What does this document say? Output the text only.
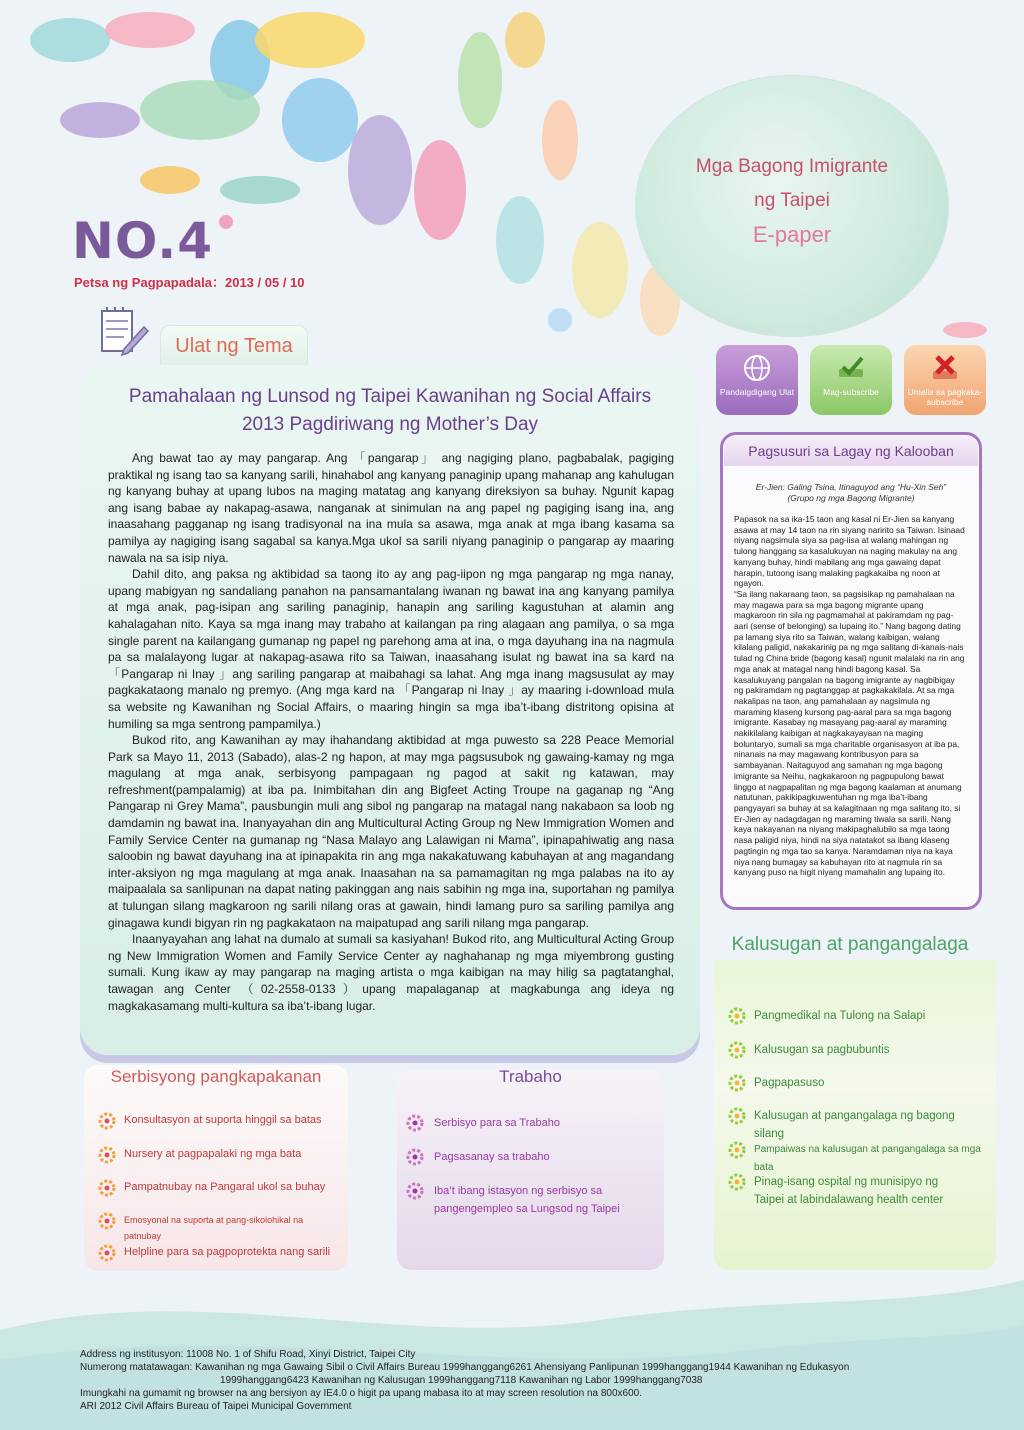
NO.4
Petsa ng Pagpapadala：2013 / 05 / 10
Mga Bagong Imigrante
ng Taipei
E-paper
Ulat ng Tema
Pamahalaan ng Lunsod ng Taipei Kawanihan ng Social Affairs
2013 Pagdiriwang ng Mother’s Day

Ang bawat tao ay may pangarap. Ang 「pangarap」 ang nagiging plano, pagbabalak, pagiging praktikal ng isang tao sa kanyang sarili, hinahabol ang kanyang panaginip upang mahanap ang kahulugan ng kanyang buhay at upang lubos na maging matatag ang kanyang direksiyon sa buhay. Ngunit kapag ang isang babae ay nakapag-asawa, nanganak at sinimulan na ang papel ng pagiging isang ina, ang inaasahang pagganap ng isang tradisyonal na ina mula sa asawa, mga anak at mga ibang kasama sa pamilya ay nagiging isang sagabal sa kanya.Mga ukol sa sarili niyang panaginip o pangarap ay maaring nawala na sa isip niya.

Dahil dito, ang paksa ng aktibidad sa taong ito ay ang pag-iipon ng mga pangarap ng mga nanay, upang mabigyan ng sandaliang panahon na pansamantalang iwanan ng bawat ina ang kanyang pamilya at mga anak, pag-isipan ang sariling panaginip, hanapin ang sariling kagustuhan at alamin ang kahalagahan nito. Kaya sa mga inang may trabaho at kailangan pa ring alagaan ang pamilya, o sa mga single parent na kailangang gumanap ng papel ng parehong ama at ina, o mga dayuhang ina na nagmula pa sa malalayong lugar at nakapag-asawa rito sa Taiwan, inaasahang isulat ng bawat ina sa kard na 「Pangarap ni Inay 」ang sariling pangarap at maibahagi sa lahat. Ang mga inang magsusulat ay may pagkakataong manalo ng premyo. (Ang mga kard na 「Pangarap ni Inay 」ay maaring i-download mula sa website ng Kawanihan ng Social Affairs, o maaring hingin sa mga iba’t-ibang distritong opisina at humiling sa mga sentrong pampamilya.)

Bukod rito, ang Kawanihan ay may ihahandang aktibidad at mga puwesto sa 228 Peace Memorial Park sa Mayo 11, 2013 (Sabado), alas-2 ng hapon, at may mga pagsusubok ng gawaing-kamay ng mga magulang at mga anak, serbisyong pampagaan ng pagod at sakit ng katawan, may refreshment(pampalamig) at iba pa. Inimbitahan din ang Bigfeet Acting Troupe na gaganap ng “Ang Pangarap ni Grey Mama”, pausbungin muli ang sibol ng pangarap na matagal nang nakabaon sa loob ng damdamin ng bawat ina. Inanyayahan din ang Multicultural Acting Group ng New Immigration Women and Family Service Center na gumanap ng “Nasa Malayo ang Lalawigan ni Mama”, ipinapahiwatig ang nasa saloobin ng bawat dayuhang ina at ipinapakita rin ang mga nakakatuwang kabuhayan at ang magandang inter-aksiyon ng mga magulang at mga anak. Inaasahan na sa pamamagitan ng mga palabas na ito ay maipaalala sa sanlipunan na dapat nating pakinggan ang nais sabihin ng mga ina, suportahan ng pamilya at tulungan silang magkaroon ng sarili nilang oras at gawain, hindi lamang puro sa sariling pamilya ang ginagawa kundi bigyan rin ng pagkakataon na maipatupad ang sarili nilang mga pangarap.

Inaanyayahan ang lahat na dumalo at sumali sa kasiyahan! Bukod rito, ang Multicultural Acting Group ng New Immigration Women and Family Service Center ay naghahanap ng mga miyembrong gusting sumali. Kung ikaw ay may pangarap na maging artista o mga kaibigan na may hilig sa pagtatanghal, tawagan ang Center （02-2558-0133）upang mapalaganap at magkabunga ang ideya ng magkakasamang multi-kultura sa iba’t-ibang lugar.

Pandaigdigang Ulat	Mag-subscribe	Umalis sa pagkaka-subscribe
Pagsusuri sa Lagay ng Kalooban
Er-Jien: Galing Tsina, Itinaguyod ang “Hu-Xin Seh”
(Grupo ng mga Bagong Migrante)

Papasok na sa ika-15 taon ang kasal ni Er-Jien sa kanyang asawa at may 14 taon na rin siyang naririto sa Taiwan. Isinaad niyang nagsimula siya sa pag-iisa at walang mahingan ng tulong hanggang sa kasalukuyan na naging makulay na ang kanyang buhay, hindi mabilang ang mga gawaing dapat harapin, tutoong isang malaking pagkakaiba ng noon at ngayon.

“Sa ilang nakaraang taon, sa pagsisikap ng pamahalaan na may magawa para sa mga bagong migrante upang magkaroon rin sila ng pagmamahal at pakiramdam ng pag-aari (sense of belonging) sa lupaing ito.” Nang bagong dating pa lamang siya rito sa Taiwan, walang kaibigan, walang kilalang paligid, nakakarinig pa ng mga salitang di-kanais-nais tulad ng China bride (bagong kasal) ngunit malalaki na rin ang mga anak at matagal nang hindi bagong kasal. Sa kasalukuyang pangalan na bagong imigrante ay nagbibigay ng pakiramdam ng pagtanggap at pagkakakilala. At sa mga nakalipas na taon, ang pamahalaan ay nagsimula ng maraming klaseng kursong pag-aaral para sa mga bagong imigrante. Kasabay ng masayang pag-aaral ay maraming nakikilalang kaibigan at nagkakayayaan na maging boluntaryo, sumali sa mga charitable organisasyon at iba pa, ninanais na may magawang kontribusyon para sa sambayanan. Naitaguyod ang samahan ng mga bagong imigrante sa Neihu, nagkakaroon ng pagpupulong bawat linggo at nagpapalitan ng mga bagong kaalaman at anumang natutunan, pakikipagkuwentuhan ng mga iba’t-ibang pangyayari sa buhay at sa kalagitnaan ng mga salitang ito, si Er-Jien ay nadagdagan ng maraming tiwala sa sarili. Nang kaya nakayanan na niyang makipaghalubilo sa mga taong nasa paligid niya, hindi na siya natatakot sa ibang klaseng pagtingin ng mga tao sa kanya. Naramdaman niya na kaya niya nang bumagay sa kabuhayan rito at nagmula rin sa kanyang puso na higit niyang mamahalin ang lupaing ito.

Kalusugan at pangangalaga
Pangmedikal na Tulong na Salapi
Kalusugan sa pagbubuntis
Pagpapasuso
Kalusugan at pangangalaga ng bagong silang
Pampaiwas na kalusugan at pangangalaga sa mga bata
Pinag-isang ospital ng munisipyo ng Taipei at labindalawang health center
Serbisyong pangkapakanan
Konsultasyon at suporta hinggil sa batas
Nursery at pagpapalaki ng mga bata
Pampatnubay na Pangaral ukol sa buhay
Emosyonal na suporta at pang-sikolohikal na patnubay
Helpline para sa pagpoprotekta nang sarili
Trabaho
Serbisyo para sa Trabaho
Pagsasanay sa trabaho
Iba’t ibang istasyon ng serbisyo sa pangengempleo sa Lungsod ng Taipei
Address ng institusyon: 11008 No. 1 of Shifu Road, Xinyi District, Taipei City
Numerong matatawagan: Kawanihan ng mga Gawaing Sibil o Civil Affairs Bureau 1999hanggang6261 Ahensiyang Panlipunan 1999hanggang1944 Kawanihan ng Edukasyon
1999hanggang6423 Kawanihan ng Kalusugan 1999hanggang7118 Kawanihan ng Labor 1999hanggang7038
Imungkahi na gumamit ng browser na ang bersiyon ay IE4.0 o higit pa upang mabasa ito at may screen resolution na 800x600.
ARI 2012 Civil Affairs Bureau of Taipei Municipal Government
